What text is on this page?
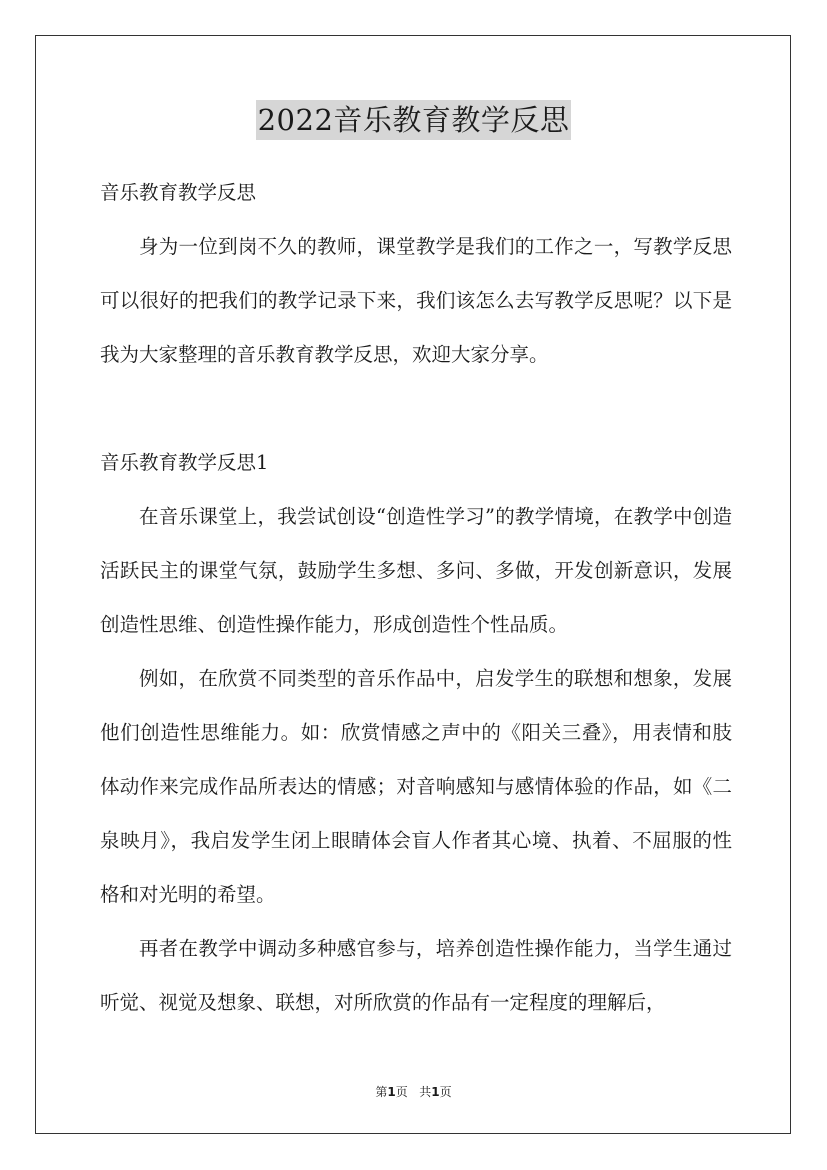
2022音乐教育教学反思

音乐教育教学反思

身为一位到岗不久的教师，课堂教学是我们的工作之一，写教学反思可以很好的把我们的教学记录下来，我们该怎么去写教学反思呢？以下是我为大家整理的音乐教育教学反思，欢迎大家分享。

音乐教育教学反思1

在音乐课堂上，我尝试创设“创造性学习”的教学情境，在教学中创造活跃民主的课堂气氛，鼓励学生多想、多问、多做，开发创新意识，发展创造性思维、创造性操作能力，形成创造性个性品质。

例如，在欣赏不同类型的音乐作品中，启发学生的联想和想象，发展他们创造性思维能力。如：欣赏情感之声中的《阳关三叠》，用表情和肢体动作来完成作品所表达的情感；对音响感知与感情体验的作品，如《二泉映月》，我启发学生闭上眼睛体会盲人作者其心境、执着、不屈服的性格和对光明的希望。

再者在教学中调动多种感官参与，培养创造性操作能力，当学生通过听觉、视觉及想象、联想，对所欣赏的作品有一定程度的理解后，

第1页 共1页
